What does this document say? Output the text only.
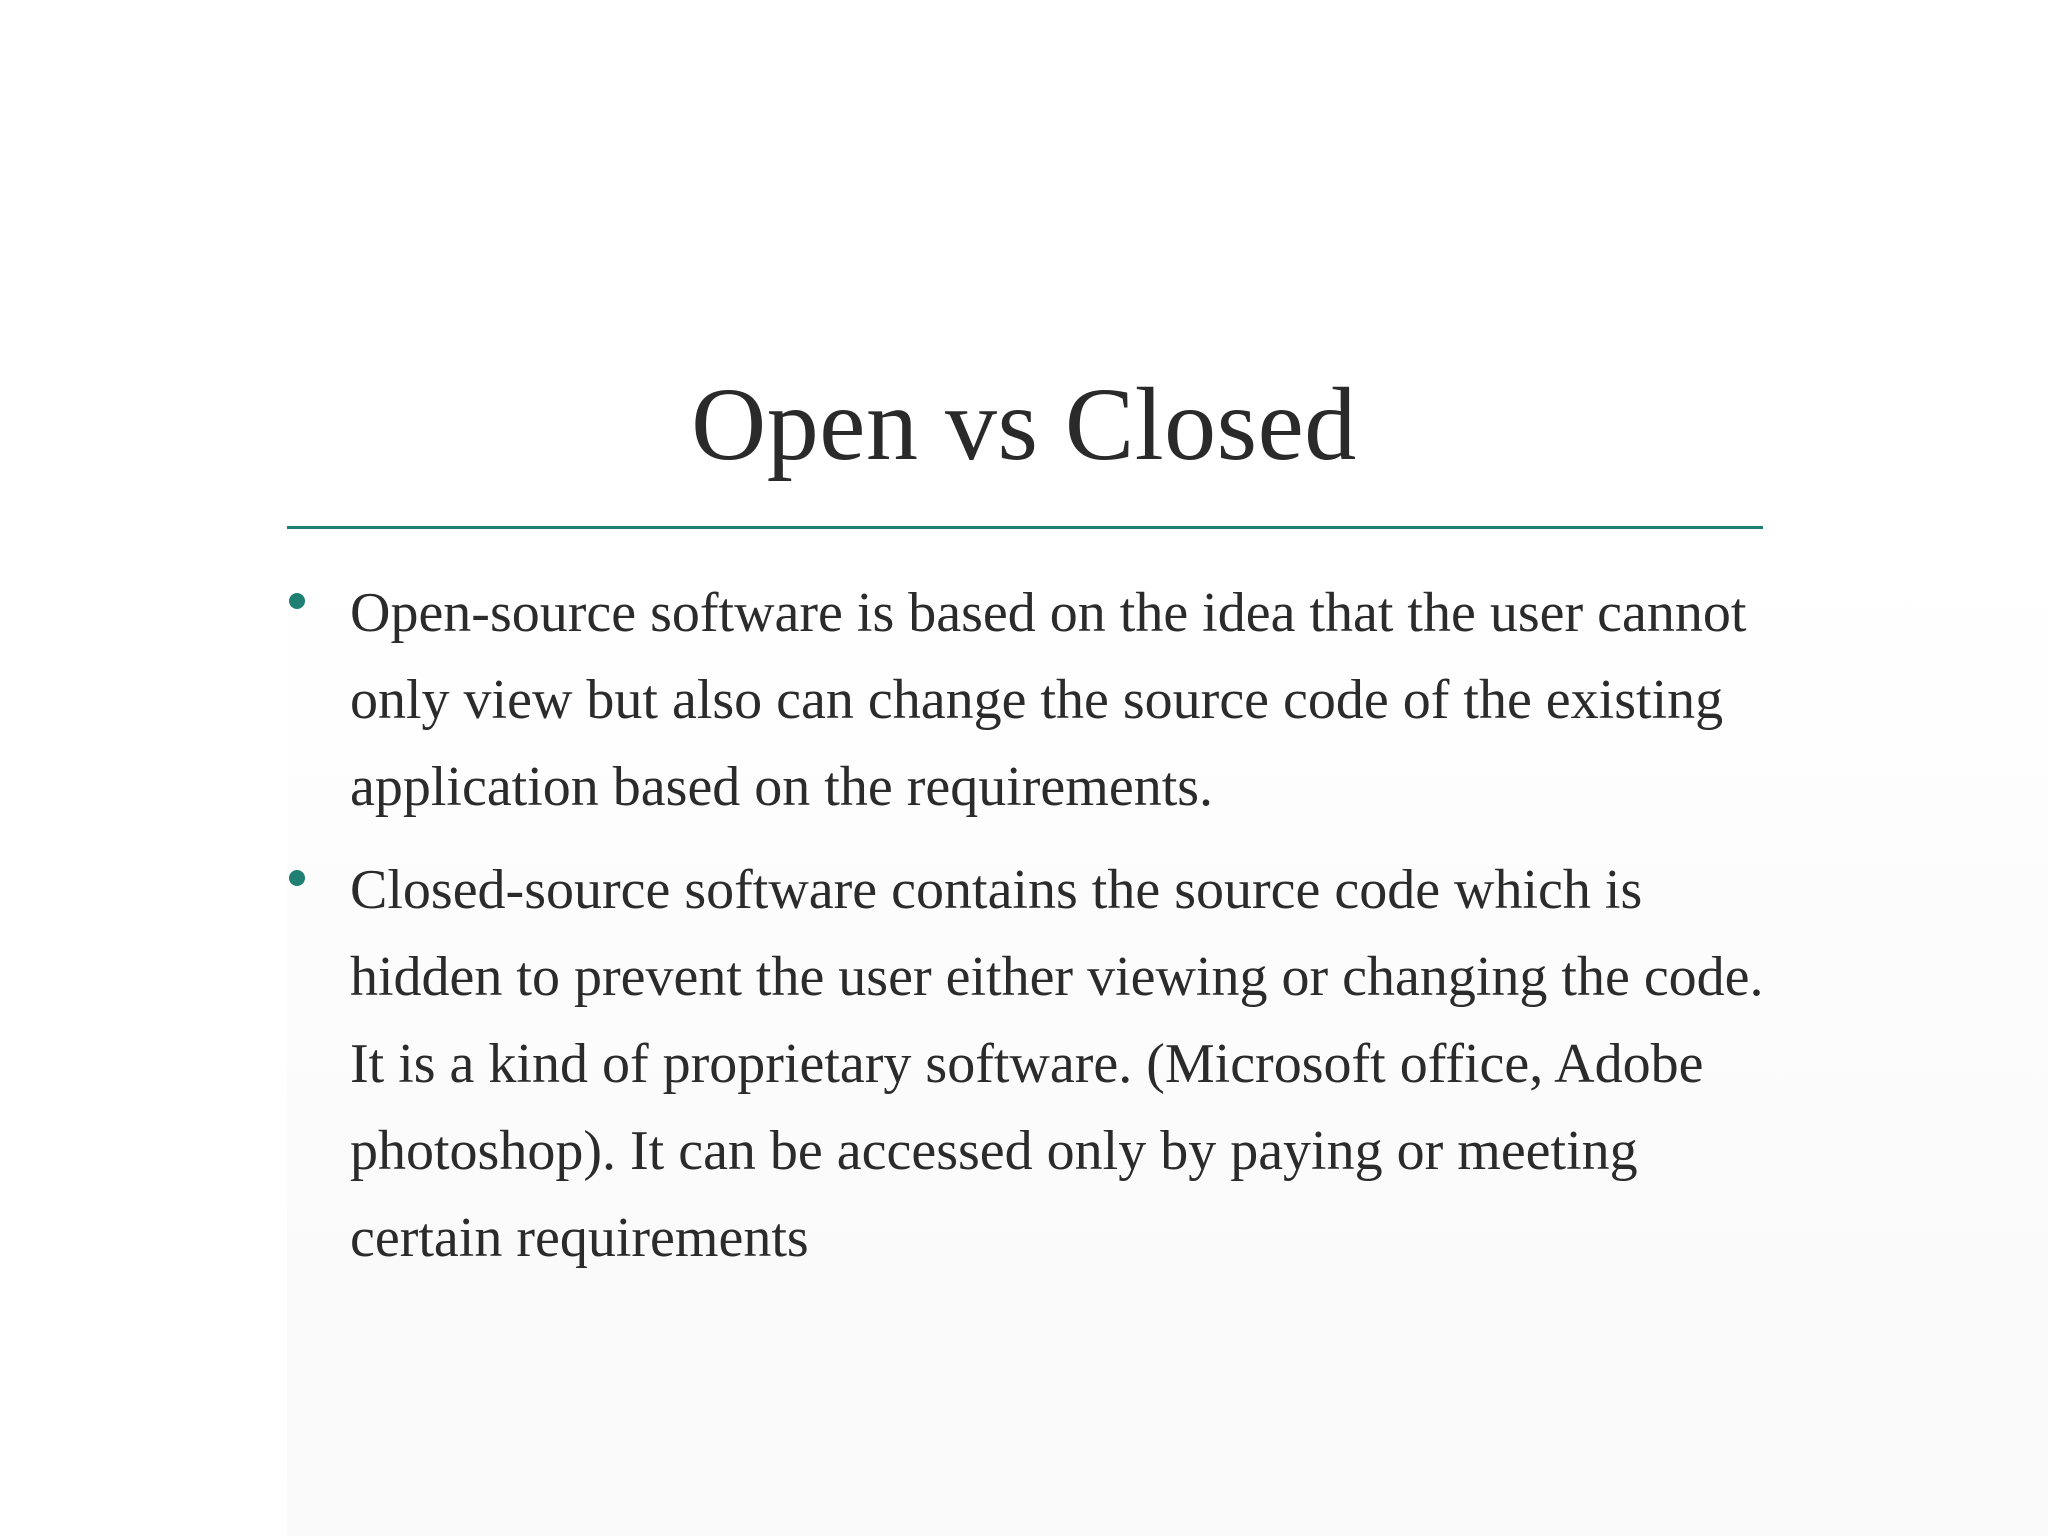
Open vs Closed
Open-source software is based on the idea that the user cannot only view but also can change the source code of the existing application based on the requirements.
Closed-source software contains the source code which is hidden to prevent the user either viewing or changing the code. It is a kind of proprietary software. (Microsoft office, Adobe photoshop). It can be accessed only by paying or meeting certain requirements
